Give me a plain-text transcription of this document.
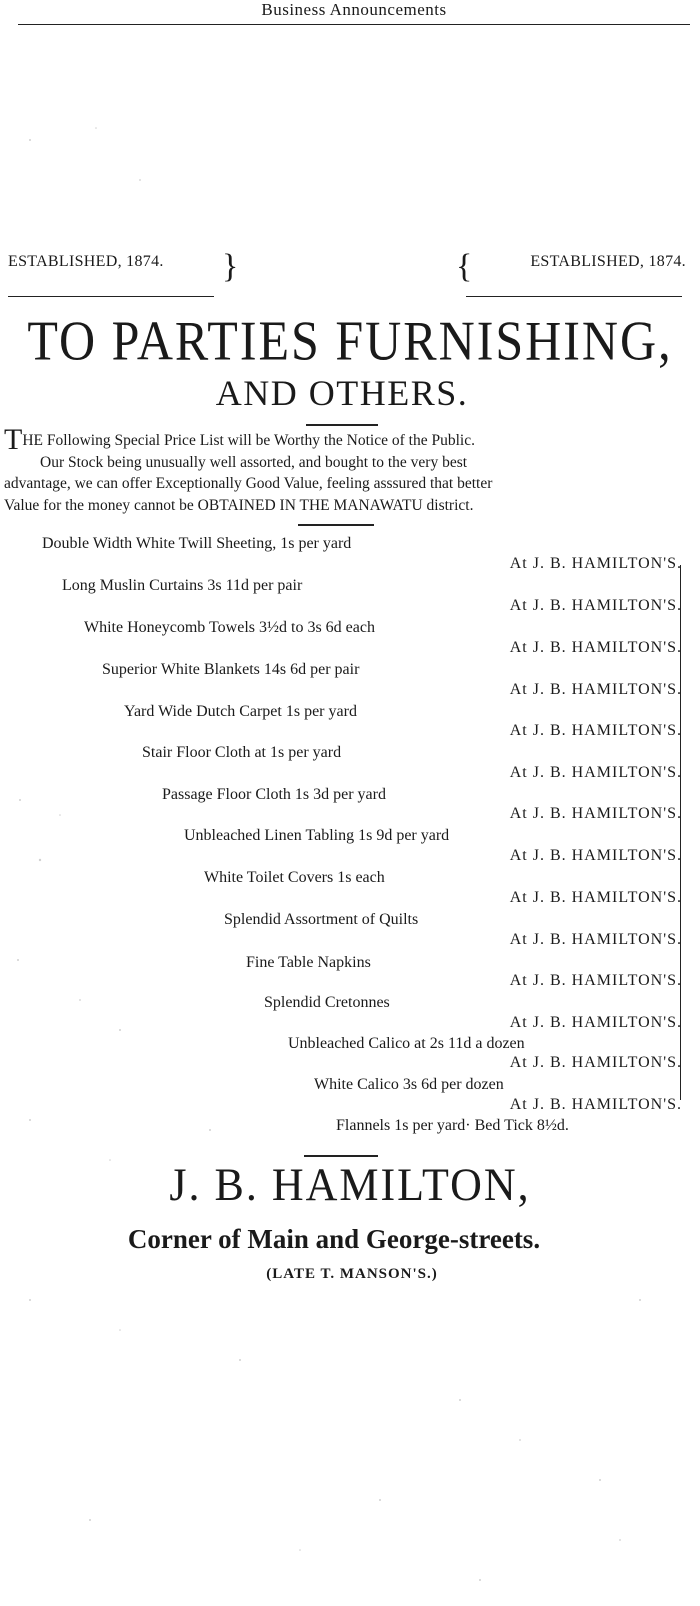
Business Announcements
ESTABLISHED, 1874. }	{	ESTABLISHED, 1874.
TO PARTIES FURNISHING,
AND OTHERS.
THE Following Special Price List will be Worthy the Notice of the Public.
Our Stock being unusually well assorted, and bought to the very best
advantage, we can offer Exceptionally Good Value, feeling asssured that better
Value for the money cannot be OBTAINED IN THE MANAWATU district.
Double Width White Twill Sheeting, 1s per yard
At J. B. HAMILTON'S.
Long Muslin Curtains 3s 11d per pair
At J. B. HAMILTON'S.
White Honeycomb Towels 3½d to 3s 6d each
At J. B. HAMILTON'S.
Superior White Blankets 14s 6d per pair
At J. B. HAMILTON'S.
Yard Wide Dutch Carpet 1s per yard
At J. B. HAMILTON'S.
Stair Floor Cloth at 1s per yard
At J. B. HAMILTON'S.
Passage Floor Cloth 1s 3d per yard
At J. B. HAMILTON'S.
Unbleached Linen Tabling 1s 9d per yard
At J. B. HAMILTON'S.
White Toilet Covers 1s each
At J. B. HAMILTON'S.
Splendid Assortment of Quilts
At J. B. HAMILTON'S.
Fine Table Napkins
At J. B. HAMILTON'S.
Splendid Cretonnes
At J. B. HAMILTON'S.
Unbleached Calico at 2s 11d a dozen
At J. B. HAMILTON'S.
White Calico 3s 6d per dozen
At J. B. HAMILTON'S.
Flannels 1s per yard· Bed Tick 8½d.
J. B. HAMILTON,
Corner of Main and George-streets.
(LATE T. MANSON'S.)
